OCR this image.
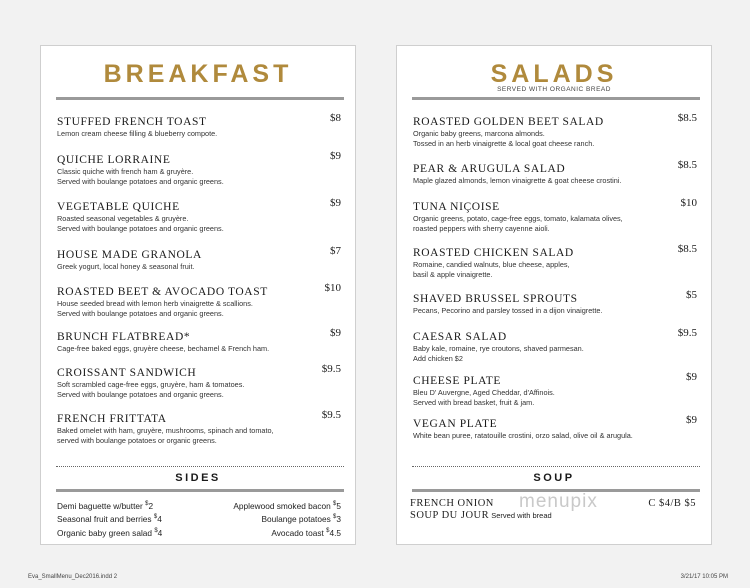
BREAKFAST
STUFFED FRENCH TOAST	$8
Lemon cream cheese filling & blueberry compote.
QUICHE LORRAINE	$9
Classic quiche with french ham & gruyère.
Served with boulange potatoes and organic greens.
VEGETABLE QUICHE	$9
Roasted seasonal vegetables & gruyère.
Served with boulange potatoes and organic greens.
HOUSE MADE GRANOLA	$7
Greek yogurt, local honey & seasonal fruit.
ROASTED BEET & AVOCADO TOAST	$10
House seeded bread with lemon herb vinaigrette & scallions.
Served with boulange potatoes and organic greens.
BRUNCH FLATBREAD*	$9
Cage-free baked eggs, gruyère cheese, bechamel & French ham.
CROISSANT SANDWICH	$9.5
Soft scrambled cage-free eggs, gruyère, ham & tomatoes.
Served with boulange potatoes and organic greens.
FRENCH FRITTATA	$9.5
Baked omelet with ham, gruyère, mushrooms, spinach and tomato,
served with boulange potatoes or organic greens.
SIDES
Demi baguette w/butter $2
Seasonal fruit and berries $4
Organic baby green salad $4
Applewood smoked bacon $5
Boulange potatoes $3
Avocado toast $4.5
SALADS
SERVED WITH ORGANIC BREAD
ROASTED GOLDEN BEET SALAD	$8.5
Organic baby greens, marcona almonds.
Tossed in an herb vinaigrette & local goat cheese ranch.
PEAR & ARUGULA SALAD	$8.5
Maple glazed almonds, lemon vinaigrette & goat cheese crostini.
TUNA NIÇOISE	$10
Organic greens, potato, cage-free eggs, tomato, kalamata olives,
roasted peppers with sherry cayenne aioli.
ROASTED CHICKEN SALAD	$8.5
Romaine, candied walnuts, blue cheese, apples,
basil & apple vinaigrette.
SHAVED BRUSSEL SPROUTS	$5
Pecans, Pecorino and parsley tossed in a dijon vinaigrette.
CAESAR SALAD	$9.5
Baby kale, romaine, rye croutons, shaved parmesan.
Add chicken $2
CHEESE PLATE	$9
Bleu D' Auvergne, Aged Cheddar, d'Affinois.
Served with bread basket, fruit & jam.
VEGAN PLATE	$9
White bean puree, ratatouille crostini, orzo salad, olive oil & arugula.
SOUP
FRENCH ONION	C $4/B $5
SOUP DU JOUR Served with bread
menupix
Eva_SmallMenu_Dec2016.indd 2	3/21/17 10:05 PM
